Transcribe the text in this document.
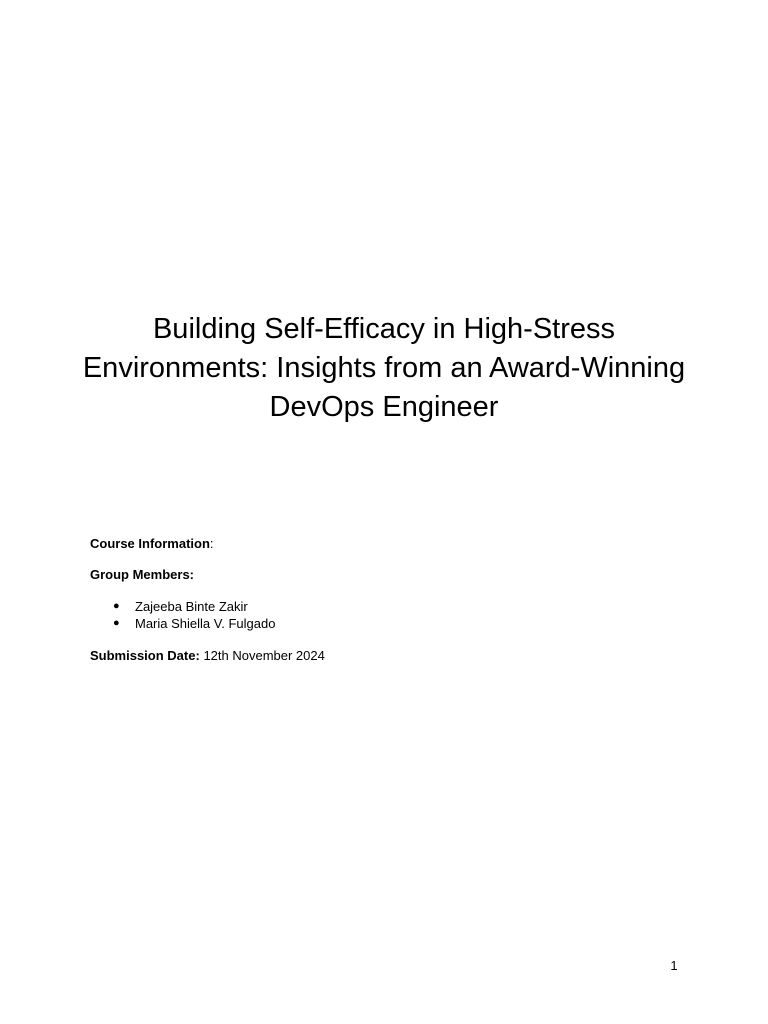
Building Self-Efficacy in High-Stress Environments: Insights from an Award-Winning DevOps Engineer

Course Information:

Group Members:

● Zajeeba Binte Zakir
● Maria Shiella V. Fulgado

Submission Date: 12th November 2024

1
